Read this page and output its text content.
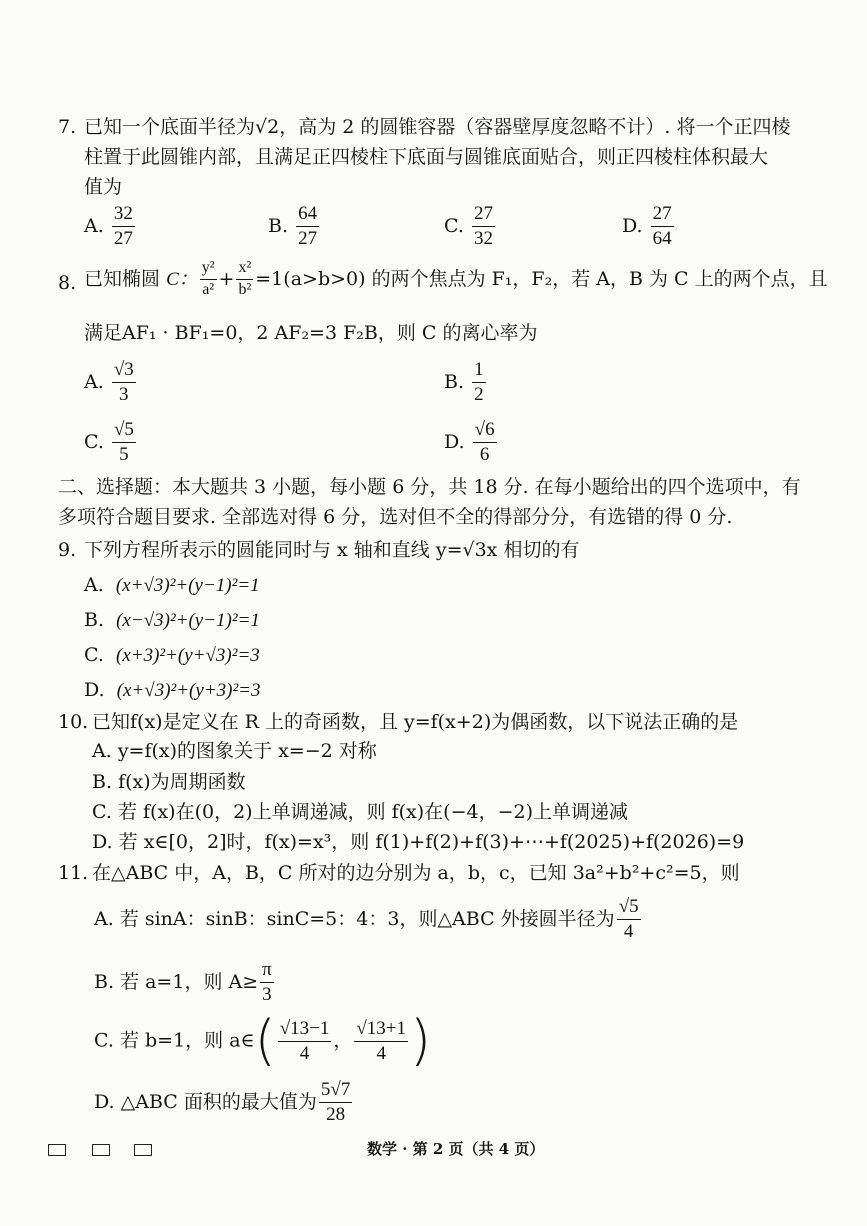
7. 已知一个底面半径为√2，高为 2 的圆锥容器（容器壁厚度忽略不计）. 将一个正四棱
柱置于此圆锥内部，且满足正四棱柱下底面与圆锥底面贴合，则正四棱柱体积最大
值为
A. $\frac{32}{27}$	B. $\frac{64}{27}$	C. $\frac{27}{32}$	D. $\frac{27}{64}$
8. 已知椭圆 C： $\frac{\text{y²}}{\text{a²}} + \frac{\text{x²}}{\text{b²}} =1(a>b>0)$ 的两个焦点为 F₁，F₂，若 A，B 为 C 上的两个点，且
满足AF₁ · BF₁=0，2 AF₂=3 F₂B，则 C 的离心率为
A. $\frac{√3}{3}$	B. $\frac{1}{2}$
C. $\frac{√5}{5}$	D. $\frac{√6}{6}$
二、选择题：本大题共 3 小题，每小题 6 分，共 18 分. 在每小题给出的四个选项中，有
多项符合题目要求. 全部选对得 6 分，选对但不全的得部分分，有选错的得 0 分.
9. 下列方程所表示的圆能同时与 x 轴和直线 y=√3x 相切的有
A. (x+√3)²+(y−1)²=1
B. (x−√3)²+(y−1)²=1
C. (x+3)²+(y+√3)²=3
D. (x+√3)²+(y+3)²=3
10. 已知f(x)是定义在 R 上的奇函数，且 y=f(x+2)为偶函数，以下说法正确的是
A. y=f(x)的图象关于 x=−2 对称
B. f(x)为周期函数
C. 若 f(x)在(0，2)上单调递减，则 f(x)在(−4，−2)上单调递减
D. 若 x∈[0，2]时，f(x)=x³，则 f(1)+f(2)+f(3)+⋯+f(2025)+f(2026)=9
11. 在△ABC 中，A，B，C 所对的边分别为 a，b，c，已知 3a²+b²+c²=5，则
A. 若 sinA：sinB：sinC=5：4：3，则△ABC 外接圆半径为 $\frac{√5}{4}$
B. 若 a=1，则 $A\ge \frac{\pi}{3}$
C. 若 b=1，则 a∈( $\frac{√13-1}{4}$ ， $\frac{√13+1}{4}$ )
D. △ABC 面积的最大值为 $\frac{5√7}{28}$
数学 · 第 2 页（共 4 页）
